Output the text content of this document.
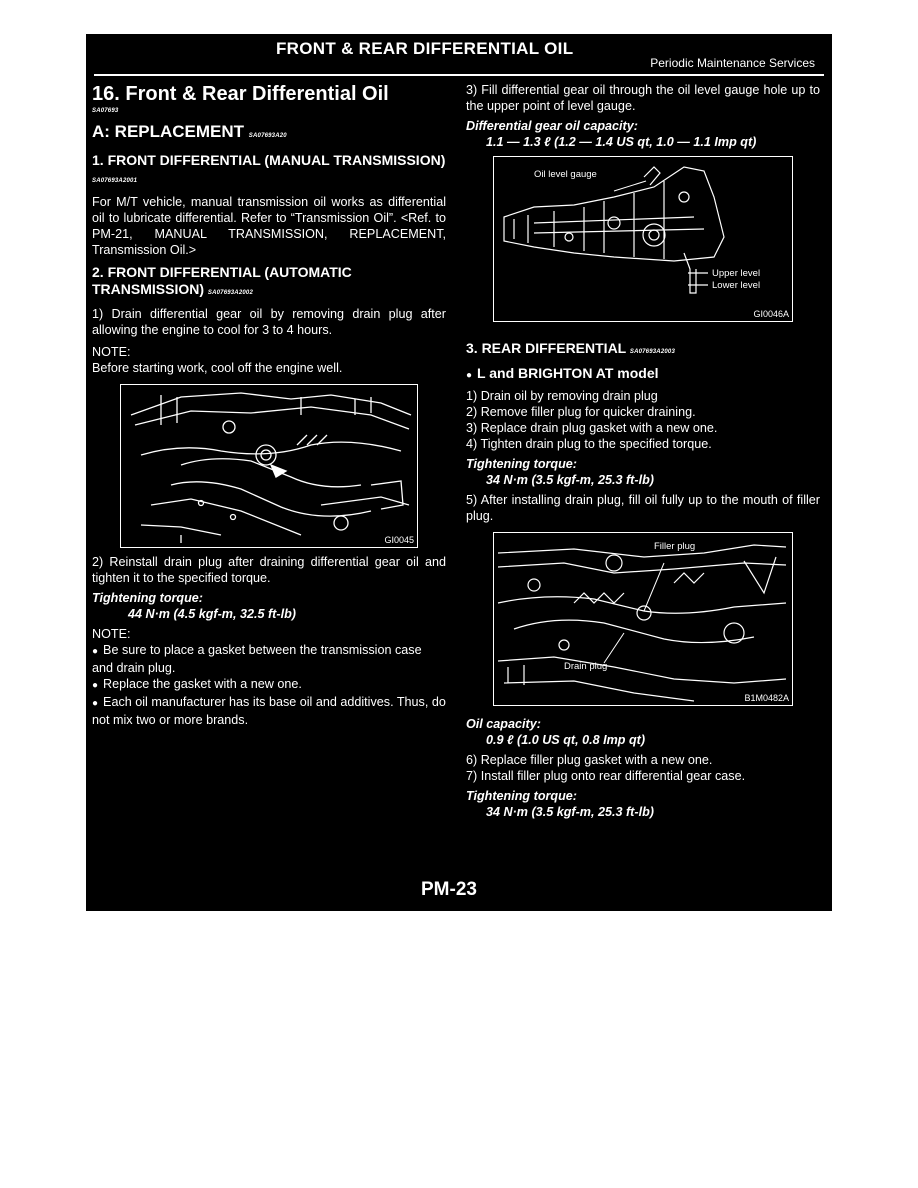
FRONT & REAR DIFFERENTIAL OIL
Periodic Maintenance Services
16. Front & Rear Differential Oil
SA07693
A: REPLACEMENT SA07693A20
1. FRONT DIFFERENTIAL (MANUAL TRANSMISSION) SA07693A2001

For M/T vehicle, manual transmission oil works as differential oil to lubricate differential. Refer to “Transmission Oil”. <Ref. to PM-21, MANUAL TRANSMISSION, REPLACEMENT, Transmission Oil.>

2. FRONT DIFFERENTIAL (AUTOMATIC TRANSMISSION) SA07693A2002

1) Drain differential gear oil by removing drain plug after allowing the engine to cool for 3 to 4 hours.

NOTE:

Before starting work, cool off the engine well.

GI0045

2) Reinstall drain plug after draining differential gear oil and tighten it to the specified torque.

Tightening torque:

44 N·m (4.5 kgf-m, 32.5 ft-lb)

NOTE:

● Be sure to place a gasket between the transmission case and drain plug.

● Replace the gasket with a new one.

● Each oil manufacturer has its base oil and additives. Thus, do not mix two or more brands.

3) Fill differential gear oil through the oil level gauge hole up to the upper point of level gauge.

Differential gear oil capacity:

1.1 — 1.3 ℓ (1.2 — 1.4 US qt, 1.0 — 1.1 Imp qt)

Oil level gauge
Upper level
Lower level
GI0046A
3. REAR DIFFERENTIAL SA07693A2003
● L and BRIGHTON AT model

1) Drain oil by removing drain plug

2) Remove filler plug for quicker draining.

3) Replace drain plug gasket with a new one.

4) Tighten drain plug to the specified torque.

Tightening torque:

34 N·m (3.5 kgf-m, 25.3 ft-lb)

5) After installing drain plug, fill oil fully up to the mouth of filler plug.

Filler plug
Drain plug
B1M0482A

Oil capacity:

0.9 ℓ (1.0 US qt, 0.8 Imp qt)

6) Replace filler plug gasket with a new one.

7) Install filler plug onto rear differential gear case.

Tightening torque:

34 N·m (3.5 kgf-m, 25.3 ft-lb)

PM-23
